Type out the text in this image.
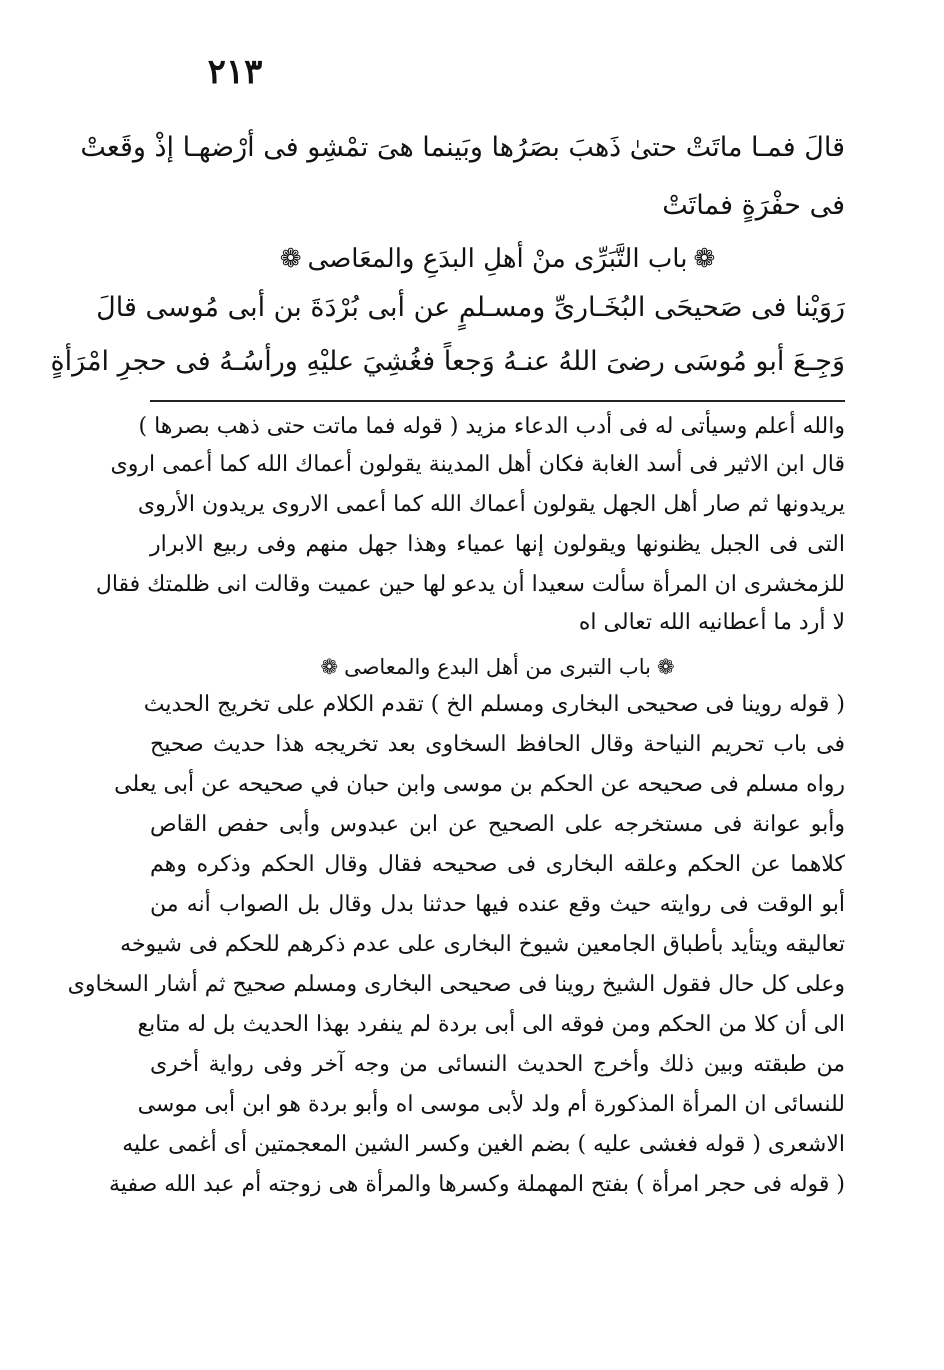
٢١٣
قالَ فمـا ماتَتْ حتىٰ ذَهبَ بصَرُها وبَينما هىَ تمْشِو فى أرْضهـا إذْ وقَعتْ
فى حفْرَةٍ فماتَتْ
❁باب التَّبَرِّى منْ أهلِ البدَعِ والمعَاصى❁
رَوَيْنا فى صَحيحَى البُخَـارىِّ ومسـلمٍ عن أبى بُرْدَةَ بن أبى مُوسى قالَ
وَجِـعَ أبو مُوسَى رضىَ اللهُ عنـهُ وَجعاً فغُشِيَ عليْهِ ورأسُـهُ فى حجرِ امْرَأةٍ
والله أعلم وسيأتى له فى أدب الدعاء مزيد ( قوله فما ماتت حتى ذهب بصرها )
قال ابن الاثير فى أسد الغابة فكان أهل المدينة يقولون أعماك الله كما أعمى اروى
يريدونها ثم صار أهل الجهل يقولون أعماك الله كما أعمى الاروى يريدون الأروى
التى فى الجبل يظنونها ويقولون إنها عمياء وهذا جهل منهم وفى ربيع الابرار
للزمخشرى ان المرأة سألت سعيدا أن يدعو لها حين عميت وقالت انى ظلمتك فقال
لا أرد ما أعطانيه الله تعالى اه
❁باب التبرى من أهل البدع والمعاصى❁
( قوله روينا فى صحيحى البخارى ومسلم الخ ) تقدم الكلام على تخريج الحديث
فى باب تحريم النياحة وقال الحافظ السخاوى بعد تخريجه هذا حديث صحيح
رواه مسلم فى صحيحه عن الحكم بن موسى وابن حبان في صحيحه عن أبى يعلى
وأبو عوانة فى مستخرجه على الصحيح عن ابن عبدوس وأبى حفص القاص
كلاهما عن الحكم وعلقه البخارى فى صحيحه فقال وقال الحكم وذكره وهم
أبو الوقت فى روايته حيث وقع عنده فيها حدثنا بدل وقال بل الصواب أنه من
تعاليقه ويتأيد بأطباق الجامعين شيوخ البخارى على عدم ذكرهم للحكم فى شيوخه
وعلى كل حال فقول الشيخ روينا فى صحيحى البخارى ومسلم صحيح ثم أشار السخاوى
الى أن كلا من الحكم ومن فوقه الى أبى بردة لم ينفرد بهذا الحديث بل له متابع
من طبقته وبين ذلك وأخرج الحديث النسائى من وجه آخر وفى رواية أخرى
للنسائى ان المرأة المذكورة أم ولد لأبى موسى اه وأبو بردة هو ابن أبى موسى
الاشعرى ( قوله فغشى عليه ) بضم الغين وكسر الشين المعجمتين أى أغمى عليه
( قوله فى حجر امرأة ) بفتح المهملة وكسرها والمرأة هى زوجته أم عبد الله صفية
